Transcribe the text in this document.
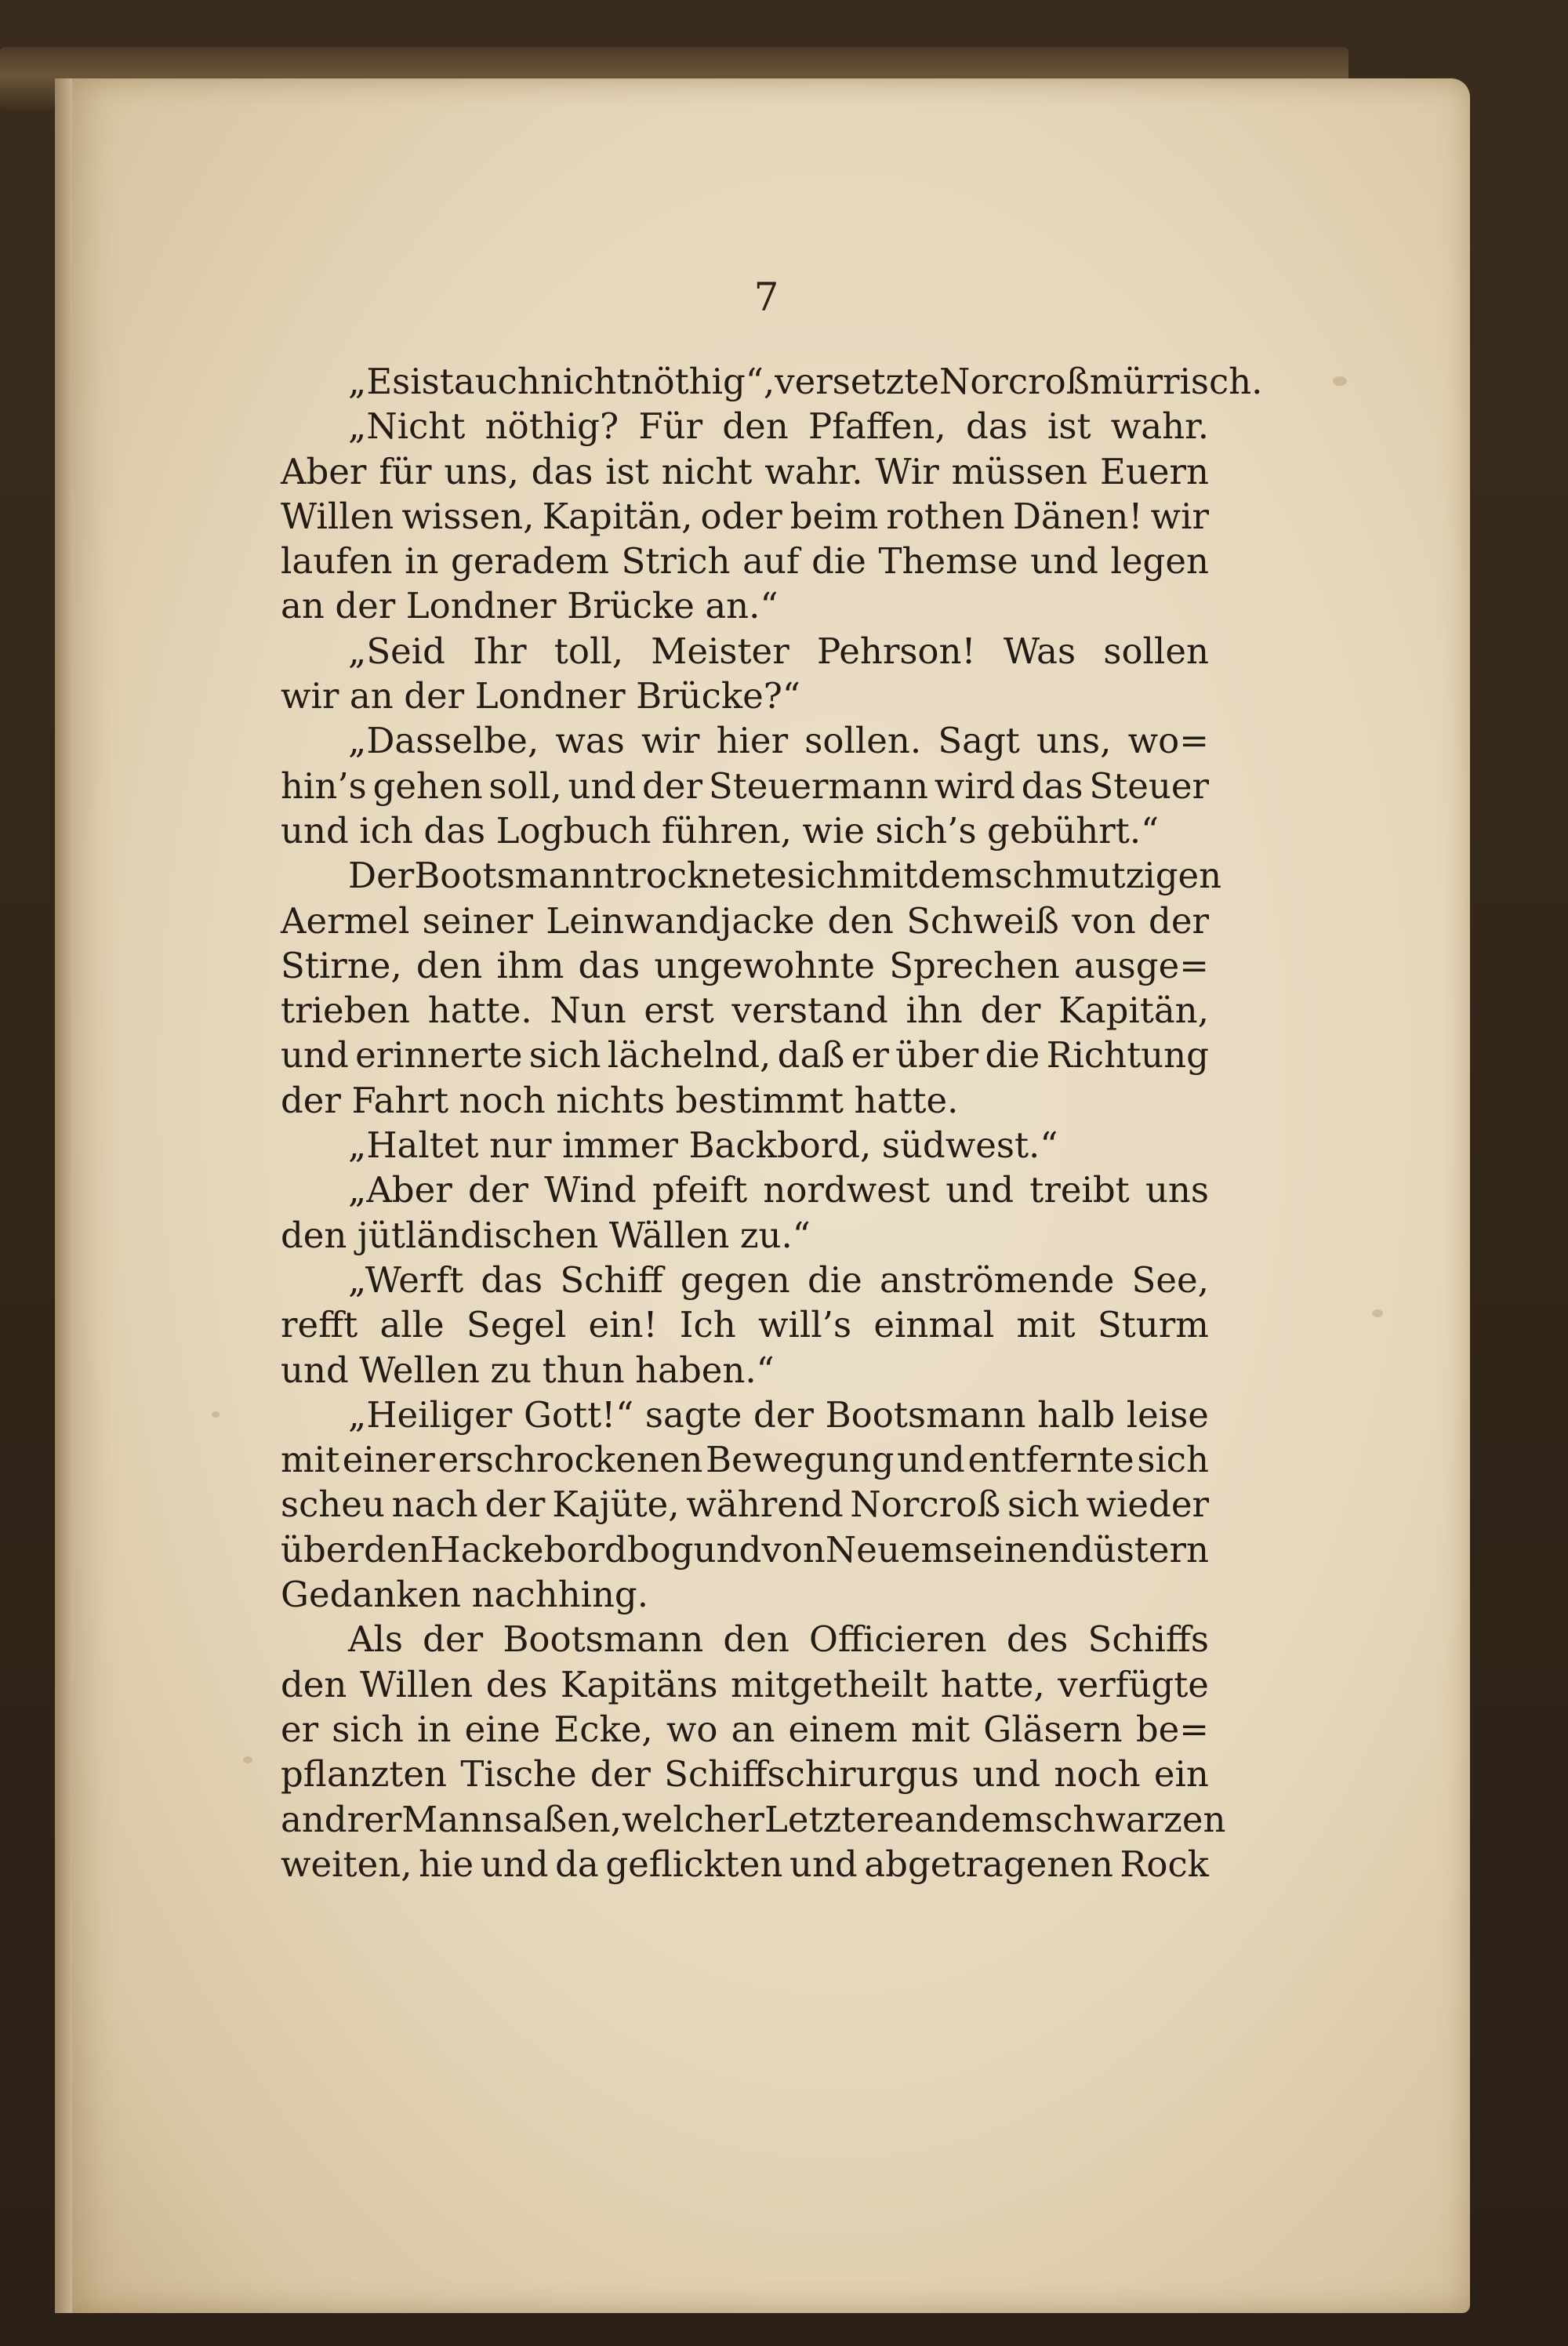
7
„Es ist auch nicht nöthig“, versetzte Norcroß mürrisch.
„Nicht nöthig? Für den Pfaffen, das ist wahr.
Aber für uns, das ist nicht wahr. Wir müssen Euern
Willen wissen, Kapitän, oder beim rothen Dänen! wir
laufen in geradem Strich auf die Themse und legen
an der Londner Brücke an.“
„Seid Ihr toll, Meister Pehrson! Was sollen
wir an der Londner Brücke?“
„Dasselbe, was wir hier sollen. Sagt uns, wo=
hin’s gehen soll, und der Steuermann wird das Steuer
und ich das Logbuch führen, wie sich’s gebührt.“
Der Bootsmann trocknete sich mit dem schmutzigen
Aermel seiner Leinwandjacke den Schweiß von der
Stirne, den ihm das ungewohnte Sprechen ausge=
trieben hatte. Nun erst verstand ihn der Kapitän,
und erinnerte sich lächelnd, daß er über die Richtung
der Fahrt noch nichts bestimmt hatte.
„Haltet nur immer Backbord, südwest.“
„Aber der Wind pfeift nordwest und treibt uns
den jütländischen Wällen zu.“
„Werft das Schiff gegen die anströmende See,
refft alle Segel ein! Ich will’s einmal mit Sturm
und Wellen zu thun haben.“
„Heiliger Gott!“ sagte der Bootsmann halb leise
mit einer erschrockenen Bewegung und entfernte sich
scheu nach der Kajüte, während Norcroß sich wieder
über den Hackebord bog und von Neuem seinen düstern
Gedanken nachhing.
Als der Bootsmann den Officieren des Schiffs
den Willen des Kapitäns mitgetheilt hatte, verfügte
er sich in eine Ecke, wo an einem mit Gläsern be=
pflanzten Tische der Schiffschirurgus und noch ein
andrer Mann saßen, welcher Letztere an dem schwarzen
weiten, hie und da geflickten und abgetragenen Rock
